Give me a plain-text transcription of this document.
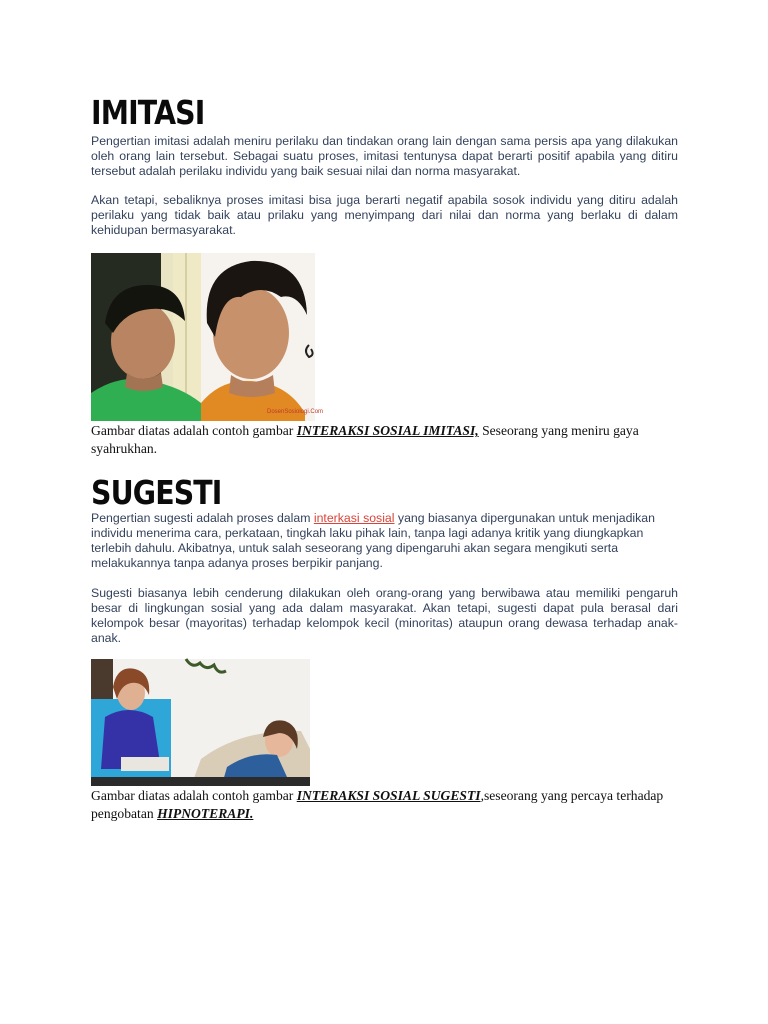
IMITASI

Pengertian imitasi adalah meniru perilaku dan tindakan orang lain dengan sama persis apa yang dilakukan oleh orang lain tersebut. Sebagai suatu proses, imitasi tentunysa dapat berarti positif apabila yang ditiru tersebut adalah perilaku individu yang baik sesuai nilai dan norma masyarakat.

Akan tetapi, sebaliknya proses imitasi bisa juga berarti negatif apabila sosok individu yang ditiru adalah perilaku yang tidak baik atau prilaku yang menyimpang dari nilai dan norma yang berlaku di dalam kehidupan bermasyarakat.

DosenSosiologi.Com

Gambar diatas adalah contoh gambar INTERAKSI SOSIAL IMITASI, Seseorang yang meniru gaya syahrukhan.

SUGESTI

Pengertian sugesti adalah proses dalam interkasi sosial yang biasanya dipergunakan untuk menjadikan individu menerima cara, perkataan, tingkah laku pihak lain, tanpa lagi adanya kritik yang diungkapkan terlebih dahulu. Akibatnya, untuk salah seseorang yang dipengaruhi akan segara mengikuti serta melakukannya tanpa adanya proses berpikir panjang.

Sugesti biasanya lebih cenderung dilakukan oleh orang-orang yang berwibawa atau memiliki pengaruh besar di lingkungan sosial yang ada dalam masyarakat. Akan tetapi, sugesti dapat pula berasal dari kelompok besar (mayoritas) terhadap kelompok kecil (minoritas) ataupun orang dewasa terhadap anak-anak.

Gambar diatas adalah contoh gambar INTERAKSI SOSIAL SUGESTI,seseorang yang percaya terhadap pengobatan HIPNOTERAPI.
